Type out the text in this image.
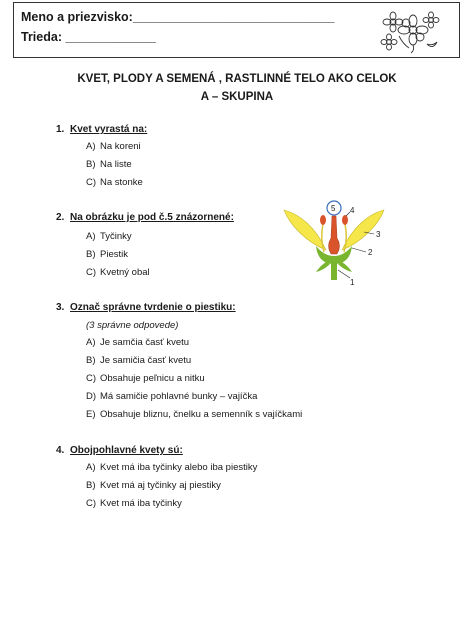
Meno a priezvisko:_____________________________
Trieda: _____________
KVET, PLODY A SEMENÁ , RASTLINNÉ TELO AKO CELOK
A – SKUPINA
1. Kvet vyrastá na:
A) Na koreni
B) Na liste
C) Na stonke
2. Na obrázku je pod č.5 znázornené:
A) Tyčinky
B) Piestik
C) Kvetný obal
5 4
3
2
1
3. Označ správne tvrdenie o piestiku:
(3 správne odpovede)
A) Je samčia časť kvetu
B) Je samičia časť kvetu
C) Obsahuje peľnicu a nitku
D) Má samičie pohlavné bunky – vajíčka
E) Obsahuje bliznu, čnelku a semenník s vajíčkami
4. Obojpohlavné kvety sú:
A) Kvet má iba tyčinky alebo iba piestiky
B) Kvet má aj tyčinky aj piestiky
C) Kvet má iba tyčinky
